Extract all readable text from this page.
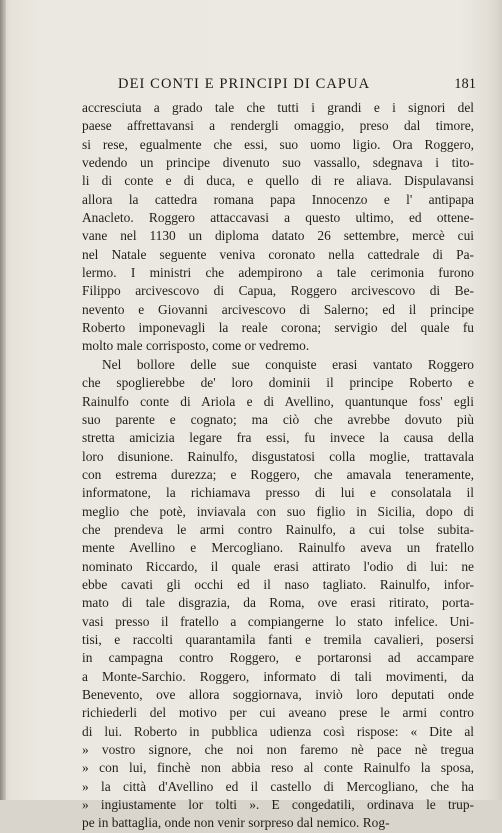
DEI CONTI E PRINCIPI DI CAPUA	181
accresciuta a grado tale che tutti i grandi e i signori del
paese affrettavansi a rendergli omaggio, preso dal timore,
si rese, egualmente che essi, suo uomo ligio. Ora Roggero,
vedendo un principe divenuto suo vassallo, sdegnava i tito-
li di conte e di duca, e quello di re aliava. Dispulavansi
allora la cattedra romana papa Innocenzo e l' antipapa
Anacleto. Roggero attaccavasi a questo ultimo, ed ottene-
vane nel 1130 un diploma datato 26 settembre, mercè cui
nel Natale seguente veniva coronato nella cattedrale di Pa-
lermo. I ministri che adempirono a tale cerimonia furono
Filippo arcivescovo di Capua, Roggero arcivescovo di Be-
nevento e Giovanni arcivescovo di Salerno; ed il principe
Roberto imponevagli la reale corona; servigio del quale fu
molto male corrisposto, come or vedremo.
Nel bollore delle sue conquiste erasi vantato Roggero
che spoglierebbe de' loro dominii il principe Roberto e
Rainulfo conte di Ariola e di Avellino, quantunque foss' egli
suo parente e cognato; ma ciò che avrebbe dovuto più
stretta amicizia legare fra essi, fu invece la causa della
loro disunione. Rainulfo, disgustatosi colla moglie, trattavala
con estrema durezza; e Roggero, che amavala teneramente,
informatone, la richiamava presso di lui e consolatala il
meglio che potè, inviavala con suo figlio in Sicilia, dopo di
che prendeva le armi contro Rainulfo, a cui tolse subita-
mente Avellino e Mercogliano. Rainulfo aveva un fratello
nominato Riccardo, il quale erasi attirato l'odio di lui: ne
ebbe cavati gli occhi ed il naso tagliato. Rainulfo, infor-
mato di tale disgrazia, da Roma, ove erasi ritirato, porta-
vasi presso il fratello a compiangerne lo stato infelice. Uni-
tisi, e raccolti quarantamila fanti e tremila cavalieri, posersi
in campagna contro Roggero, e portaronsi ad accampare
a Monte-Sarchio. Roggero, informato di tali movimenti, da
Benevento, ove allora soggiornava, inviò loro deputati onde
richiederli del motivo per cui aveano prese le armi contro
di lui. Roberto in pubblica udienza così rispose: « Dite al
» vostro signore, che noi non faremo nè pace nè tregua
» con lui, finchè non abbia reso al conte Rainulfo la sposa,
» la città d'Avellino ed il castello di Mercogliano, che ha
» ingiustamente lor tolti ». E congedatili, ordinava le trup-
pe in battaglia, onde non venir sorpreso dal nemico. Rog-
